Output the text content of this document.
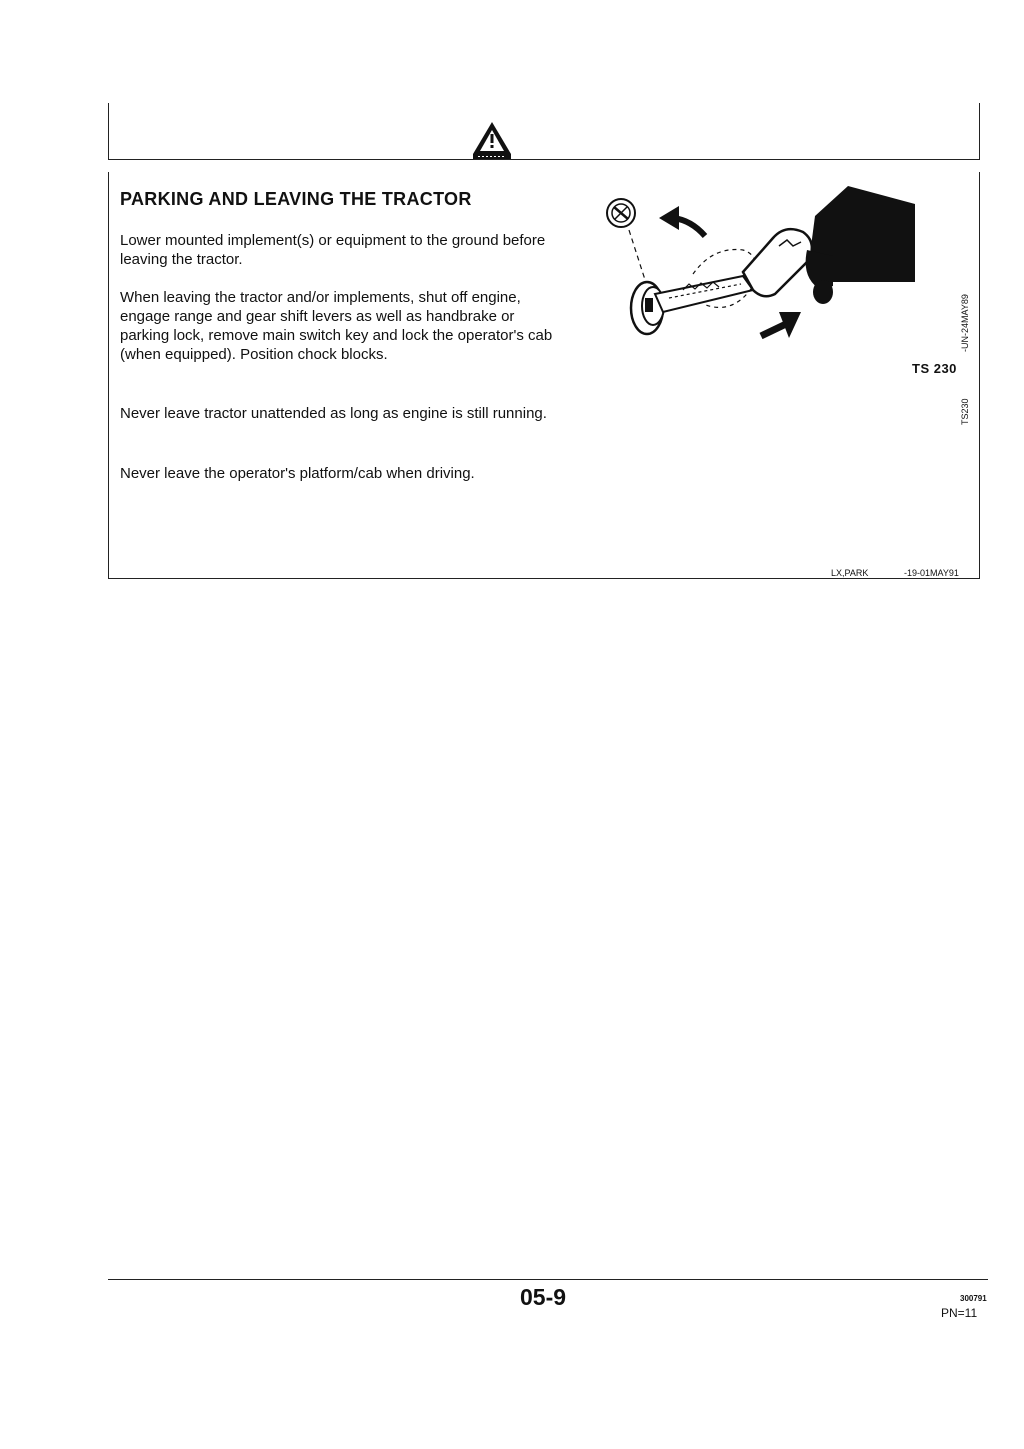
PARKING AND LEAVING THE TRACTOR

Lower mounted implement(s) or equipment to the ground before leaving the tractor.

When leaving the tractor and/or implements, shut off engine, engage range and gear shift levers as well as handbrake or parking lock, remove main switch key and lock the operator's cab (when equipped). Position chock blocks.

Never leave tractor unattended as long as engine is still running.

Never leave the operator's platform/cab when driving.

TS 230
-UN-24MAY89
TS230
LX,PARK	-19-01MAY91
05-9	300791
PN=11
